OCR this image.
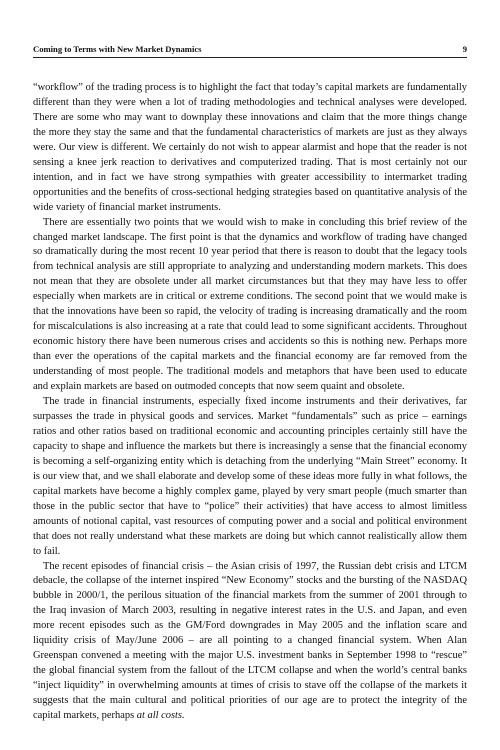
Coming to Terms with New Market Dynamics	9

“workflow” of the trading process is to highlight the fact that today’s capital markets are fundamentally different than they were when a lot of trading methodologies and technical analyses were developed. There are some who may want to downplay these innovations and claim that the more things change the more they stay the same and that the fundamental characteristics of markets are just as they always were. Our view is different. We certainly do not wish to appear alarmist and hope that the reader is not sensing a knee jerk reaction to derivatives and computerized trading. That is most certainly not our intention, and in fact we have strong sympathies with greater accessibility to intermarket trading opportunities and the benefits of cross-sectional hedging strategies based on quantitative analysis of the wide variety of financial market instruments.

There are essentially two points that we would wish to make in concluding this brief review of the changed market landscape. The first point is that the dynamics and workflow of trading have changed so dramatically during the most recent 10 year period that there is reason to doubt that the legacy tools from technical analysis are still appropriate to analyzing and understanding modern markets. This does not mean that they are obsolete under all market circumstances but that they may have less to offer especially when markets are in critical or extreme conditions. The second point that we would make is that the innovations have been so rapid, the velocity of trading is increasing dramatically and the room for miscalculations is also increasing at a rate that could lead to some significant accidents. Throughout economic history there have been numerous crises and accidents so this is nothing new. Perhaps more than ever the operations of the capital markets and the financial economy are far removed from the understanding of most people. The traditional models and metaphors that have been used to educate and explain markets are based on outmoded concepts that now seem quaint and obsolete.

The trade in financial instruments, especially fixed income instruments and their derivatives, far surpasses the trade in physical goods and services. Market “fundamentals” such as price – earnings ratios and other ratios based on traditional economic and accounting principles certainly still have the capacity to shape and influence the markets but there is increasingly a sense that the financial economy is becoming a self-organizing entity which is detaching from the underlying “Main Street” economy. It is our view that, and we shall elaborate and develop some of these ideas more fully in what follows, the capital markets have become a highly complex game, played by very smart people (much smarter than those in the public sector that have to “police” their activities) that have access to almost limitless amounts of notional capital, vast resources of computing power and a social and political environment that does not really understand what these markets are doing but which cannot realistically allow them to fail.

The recent episodes of financial crisis – the Asian crisis of 1997, the Russian debt crisis and LTCM debacle, the collapse of the internet inspired “New Economy” stocks and the bursting of the NASDAQ bubble in 2000/1, the perilous situation of the financial markets from the summer of 2001 through to the Iraq invasion of March 2003, resulting in negative interest rates in the U.S. and Japan, and even more recent episodes such as the GM/Ford downgrades in May 2005 and the inflation scare and liquidity crisis of May/June 2006 – are all pointing to a changed financial system. When Alan Greenspan convened a meeting with the major U.S. investment banks in September 1998 to “rescue” the global financial system from the fallout of the LTCM collapse and when the world’s central banks “inject liquidity” in overwhelming amounts at times of crisis to stave off the collapse of the markets it suggests that the main cultural and political priorities of our age are to protect the integrity of the capital markets, perhaps at all costs.
